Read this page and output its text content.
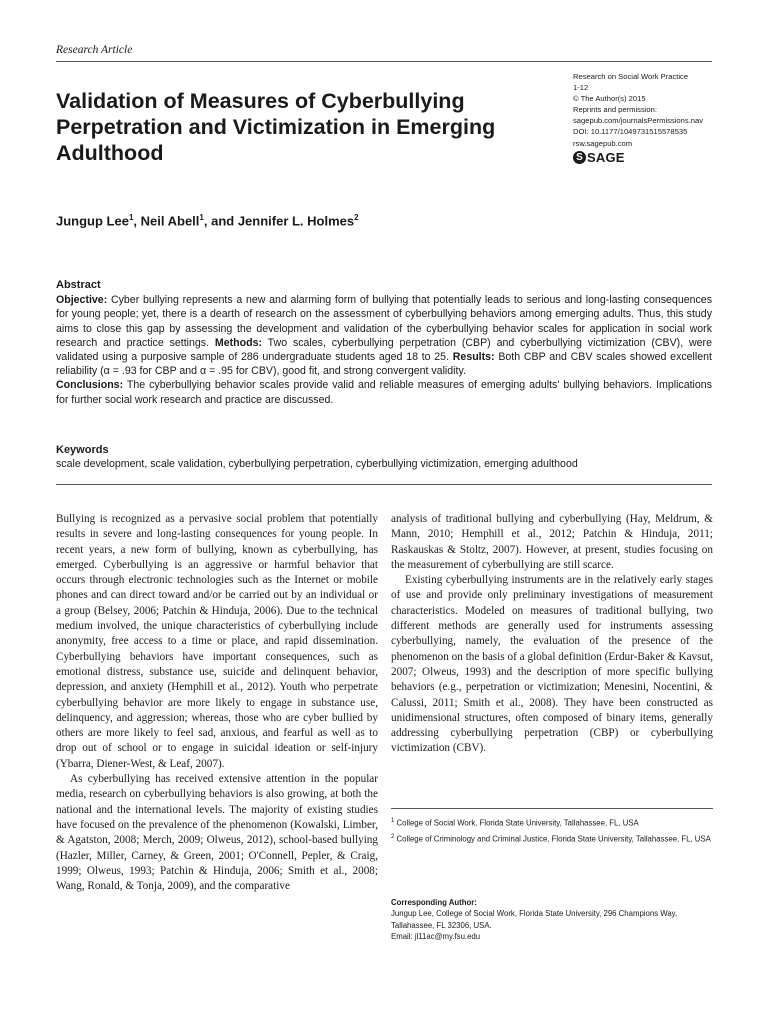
Research Article
Validation of Measures of Cyberbullying Perpetration and Victimization in Emerging Adulthood
Research on Social Work Practice
1-12
© The Author(s) 2015
Reprints and permission:
sagepub.com/journalsPermissions.nav
DOI: 10.1177/1049731515578535
rsw.sagepub.com
S SAGE
Jungup Lee$^1$, Neil Abell$^1$, and Jennifer L. Holmes$^2$
Abstract

Objective: Cyber bullying represents a new and alarming form of bullying that potentially leads to serious and long-lasting consequences for young people; yet, there is a dearth of research on the assessment of cyberbullying behaviors among emerging adults. Thus, this study aims to close this gap by assessing the development and validation of the cyberbullying behavior scales for application in social work research and practice settings. Methods: Two scales, cyberbullying perpetration (CBP) and cyberbullying victimization (CBV), were validated using a purposive sample of 286 undergraduate students aged 18 to 25. Results: Both CBP and CBV scales showed excellent reliability (α = .93 for CBP and α = .95 for CBV), good fit, and strong convergent validity.
Conclusions: The cyberbullying behavior scales provide valid and reliable measures of emerging adults' bullying behaviors. Implications for further social work research and practice are discussed.

Keywords

scale development, scale validation, cyberbullying perpetration, cyberbullying victimization, emerging adulthood

Bullying is recognized as a pervasive social problem that potentially results in severe and long-lasting consequences for young people. In recent years, a new form of bullying, known as cyberbullying, has emerged. Cyberbullying is an aggressive or harmful behavior that occurs through electronic technologies such as the Internet or mobile phones and can direct toward and/or be carried out by an individual or a group (Belsey, 2006; Patchin & Hinduja, 2006). Due to the technical medium involved, the unique characteristics of cyberbullying include anonymity, free access to a time or place, and rapid dissemination. Cyberbullying behaviors have important consequences, such as emotional distress, substance use, suicide and delinquent behavior, depression, and anxiety (Hemphill et al., 2012). Youth who perpetrate cyberbullying behavior are more likely to engage in substance use, delinquency, and aggression; whereas, those who are cyber bullied by others are more likely to feel sad, anxious, and fearful as well as to drop out of school or to engage in suicidal ideation or self-injury (Ybarra, Diener-West, & Leaf, 2007).

As cyberbullying has received extensive attention in the popular media, research on cyberbullying behaviors is also growing, at both the national and the international levels. The majority of existing studies have focused on the prevalence of the phenomenon (Kowalski, Limber, & Agatston, 2008; Merch, 2009; Olweus, 2012), school-based bullying (Hazler, Miller, Carney, & Green, 2001; O'Connell, Pepler, & Craig, 1999; Olweus, 1993; Patchin & Hinduja, 2006; Smith et al., 2008; Wang, Ronald, & Tonja, 2009), and the comparative

analysis of traditional bullying and cyberbullying (Hay, Meldrum, & Mann, 2010; Hemphill et al., 2012; Patchin & Hinduja, 2011; Raskauskas & Stoltz, 2007). However, at present, studies focusing on the measurement of cyberbullying are still scarce.

Existing cyberbullying instruments are in the relatively early stages of use and provide only preliminary investigations of measurement characteristics. Modeled on measures of traditional bullying, two different methods are generally used for instruments assessing cyberbullying, namely, the evaluation of the presence of the phenomenon on the basis of a global definition (Erdur-Baker & Kavsut, 2007; Olweus, 1993) and the description of more specific bullying behaviors (e.g., perpetration or victimization; Menesini, Nocentini, & Calussi, 2011; Smith et al., 2008). They have been constructed as unidimensional structures, often composed of binary items, generally addressing cyberbullying perpetration (CBP) or cyberbullying victimization (CBV).

$^1$ College of Social Work, Florida State University, Tallahassee, FL, USA

$^2$ College of Criminology and Criminal Justice, Florida State University, Tallahassee, FL, USA

Corresponding Author:

Jungup Lee, College of Social Work, Florida State University, 296 Champions Way, Tallahassee, FL 32306, USA.

Email: jl11ac@my.fsu.edu
